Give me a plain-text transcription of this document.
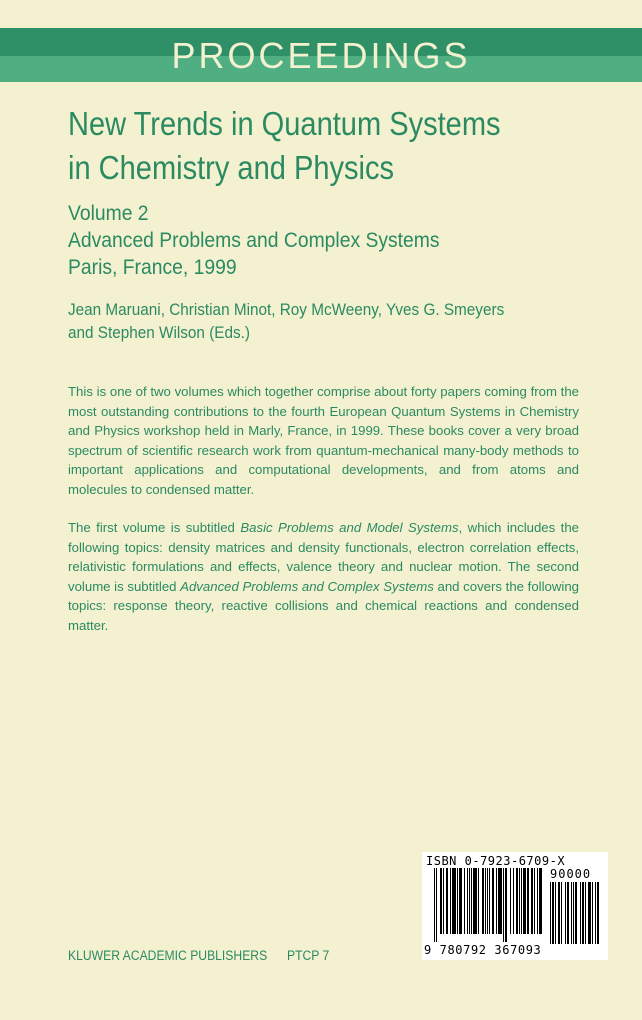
PROCEEDINGS
New Trends in Quantum Systems
in Chemistry and Physics
Volume 2
Advanced Problems and Complex Systems
Paris, France, 1999
Jean Maruani, Christian Minot, Roy McWeeny, Yves G. Smeyers
and Stephen Wilson (Eds.)

This is one of two volumes which together comprise about forty papers coming from the most outstanding contributions to the fourth European Quantum Systems in Chemistry and Physics workshop held in Marly, France, in 1999. These books cover a very broad spectrum of scientific research work from quantum-mechanical many-body methods to important applications and computational developments, and from atoms and molecules to condensed matter.

The first volume is subtitled Basic Problems and Model Systems, which includes the following topics: density matrices and density functionals, electron correlation effects, relativistic formulations and effects, valence theory and nuclear motion. The second volume is subtitled Advanced Problems and Complex Systems and covers the following topics: response theory, reactive collisions and chemical reactions and condensed matter.

KLUWER ACADEMIC PUBLISHERS PTCP 7
ISBN 0-7923-6709-X
90000
9 780792 367093
